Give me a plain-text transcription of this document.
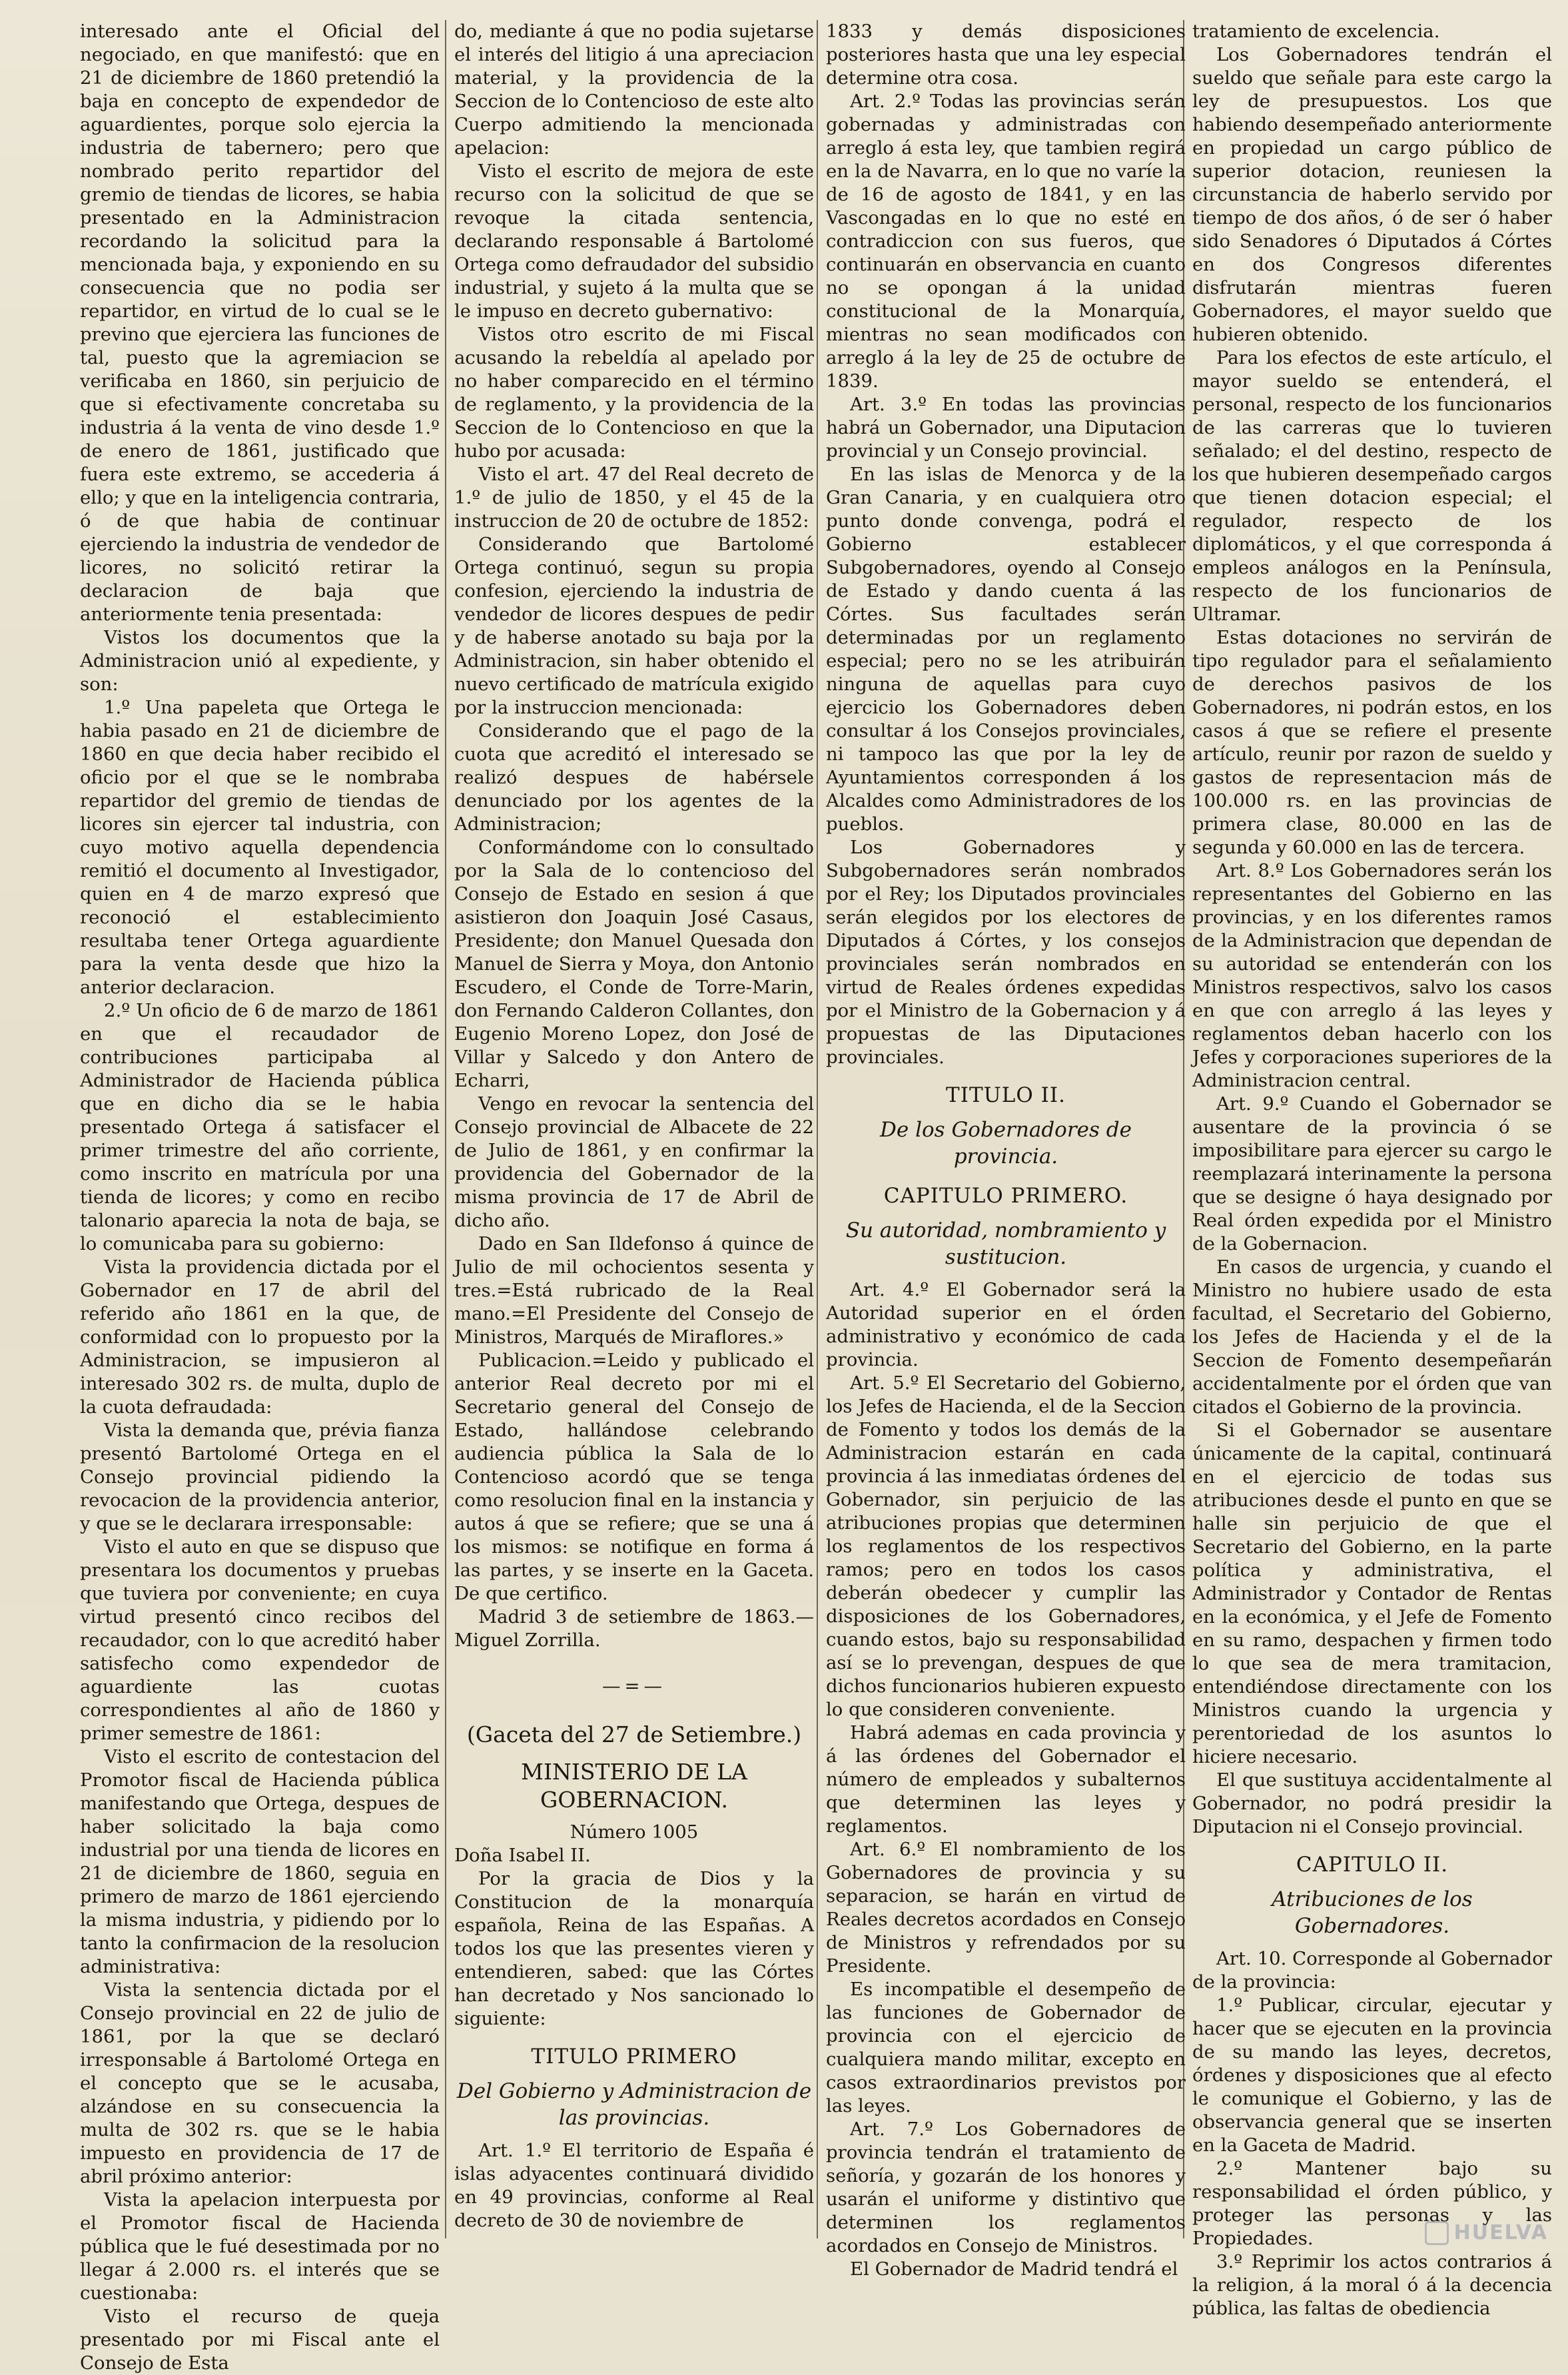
interesado ante el Oficial del negociado, en que manifestó: que en 21 de diciembre de 1860 pretendió la baja en concepto de expendedor de aguardientes, porque solo ejercia la industria de tabernero; pero que nombrado perito repartidor del gremio de tiendas de licores, se habia presentado en la Administracion recordando la solicitud para la mencionada baja, y exponiendo en su consecuencia que no podia ser repartidor, en virtud de lo cual se le previno que ejerciera las funciones de tal, puesto que la agremiacion se verificaba en 1860, sin perjuicio de que si efectivamente concretaba su industria á la venta de vino desde 1.º de enero de 1861, justificado que fuera este extremo, se accederia á ello; y que en la inteligencia contraria, ó de que habia de continuar ejerciendo la industria de vendedor de licores, no solicitó retirar la declaracion de baja que anteriormente tenia presentada:

Vistos los documentos que la Administracion unió al expediente, y son:

1.º Una papeleta que Ortega le habia pasado en 21 de diciembre de 1860 en que decia haber recibido el oficio por el que se le nombraba repartidor del gremio de tiendas de licores sin ejercer tal industria, con cuyo motivo aquella dependencia remitió el documento al Investigador, quien en 4 de marzo expresó que reconoció el establecimiento resultaba tener Ortega aguardiente para la venta desde que hizo la anterior declaracion.

2.º Un oficio de 6 de marzo de 1861 en que el recaudador de contribuciones participaba al Administrador de Hacienda pública que en dicho dia se le habia presentado Ortega á satisfacer el primer trimestre del año corriente, como inscrito en matrícula por una tienda de licores; y como en recibo talonario aparecia la nota de baja, se lo comunicaba para su gobierno:

Vista la providencia dictada por el Gobernador en 17 de abril del referido año 1861 en la que, de conformidad con lo propuesto por la Administracion, se impusieron al interesado 302 rs. de multa, duplo de la cuota defraudada:

Vista la demanda que, prévia fianza presentó Bartolomé Ortega en el Consejo provincial pidiendo la revocacion de la providencia anterior, y que se le declarara irresponsable:

Visto el auto en que se dispuso que presentara los documentos y pruebas que tuviera por conveniente; en cuya virtud presentó cinco recibos del recaudador, con lo que acreditó haber satisfecho como expendedor de aguardiente las cuotas correspondientes al año de 1860 y primer semestre de 1861:

Visto el escrito de contestacion del Promotor fiscal de Hacienda pública manifestando que Ortega, despues de haber solicitado la baja como industrial por una tienda de licores en 21 de diciembre de 1860, seguia en primero de marzo de 1861 ejerciendo la misma industria, y pidiendo por lo tanto la confirmacion de la resolucion administrativa:

Vista la sentencia dictada por el Consejo provincial en 22 de julio de 1861, por la que se declaró irresponsable á Bartolomé Ortega en el concepto que se le acusaba, alzándose en su consecuencia la multa de 302 rs. que se le habia impuesto en providencia de 17 de abril próximo anterior:

Vista la apelacion interpuesta por el Promotor fiscal de Hacienda pública que le fué desestimada por no llegar á 2.000 rs. el interés que se cuestionaba:

Visto el recurso de queja presentado por mi Fiscal ante el Consejo de Esta

do, mediante á que no podia sujetarse el interés del litigio á una apreciacion material, y la providencia de la Seccion de lo Contencioso de este alto Cuerpo admitiendo la mencionada apelacion:

Visto el escrito de mejora de este recurso con la solicitud de que se revoque la citada sentencia, declarando responsable á Bartolomé Ortega como defraudador del subsidio industrial, y sujeto á la multa que se le impuso en decreto gubernativo:

Vistos otro escrito de mi Fiscal acusando la rebeldía al apelado por no haber comparecido en el término de reglamento, y la providencia de la Seccion de lo Contencioso en que la hubo por acusada:

Visto el art. 47 del Real decreto de 1.º de julio de 1850, y el 45 de la instruccion de 20 de octubre de 1852:

Considerando que Bartolomé Ortega continuó, segun su propia confesion, ejerciendo la industria de vendedor de licores despues de pedir y de haberse anotado su baja por la Administracion, sin haber obtenido el nuevo certificado de matrícula exigido por la instruccion mencionada:

Considerando que el pago de la cuota que acreditó el interesado se realizó despues de habérsele denunciado por los agentes de la Administracion;

Conformándome con lo consultado por la Sala de lo contencioso del Consejo de Estado en sesion á que asistieron don Joaquin José Casaus, Presidente; don Manuel Quesada don Manuel de Sierra y Moya, don Antonio Escudero, el Conde de Torre-Marin, don Fernando Calderon Collantes, don Eugenio Moreno Lopez, don José de Villar y Salcedo y don Antero de Echarri,

Vengo en revocar la sentencia del Consejo provincial de Albacete de 22 de Julio de 1861, y en confirmar la providencia del Gobernador de la misma provincia de 17 de Abril de dicho año.

Dado en San Ildefonso á quince de Julio de mil ochocientos sesenta y tres.=Está rubricado de la Real mano.=El Presidente del Consejo de Ministros, Marqués de Miraflores.»

Publicacion.=Leido y publicado el anterior Real decreto por mi el Secretario general del Consejo de Estado, hallándose celebrando audiencia pública la Sala de lo Contencioso acordó que se tenga como resolucion final en la instancia y autos á que se refiere; que se una á los mismos: se notifique en forma á las partes, y se inserte en la Gaceta. De que certifico.

Madrid 3 de setiembre de 1863.—Miguel Zorrilla.

—=—
(Gaceta del 27 de Setiembre.)
MINISTERIO DE LA GOBERNACION.

Número 1005

Doña Isabel II.

Por la gracia de Dios y la Constitucion de la monarquía española, Reina de las Españas. A todos los que las presentes vieren y entendieren, sabed: que las Córtes han decretado y Nos sancionado lo siguiente:

TITULO PRIMERO
Del Gobierno y Administracion de las provincias.

Art. 1.º El territorio de España é islas adyacentes continuará dividido en 49 provincias, conforme al Real decreto de 30 de noviembre de

1833 y demás disposiciones posteriores hasta que una ley especial determine otra cosa.

Art. 2.º Todas las provincias serán gobernadas y administradas con arreglo á esta ley, que tambien regirá en la de Navarra, en lo que no varíe la de 16 de agosto de 1841, y en las Vascongadas en lo que no esté en contradiccion con sus fueros, que continuarán en observancia en cuanto no se opongan á la unidad constitucional de la Monarquía, mientras no sean modificados con arreglo á la ley de 25 de octubre de 1839.

Art. 3.º En todas las provincias habrá un Gobernador, una Diputacion provincial y un Consejo provincial.

En las islas de Menorca y de la Gran Canaria, y en cualquiera otro punto donde convenga, podrá el Gobierno establecer Subgobernadores, oyendo al Consejo de Estado y dando cuenta á las Córtes. Sus facultades serán determinadas por un reglamento especial; pero no se les atribuirán ninguna de aquellas para cuyo ejercicio los Gobernadores deben consultar á los Consejos provinciales, ni tampoco las que por la ley de Ayuntamientos corresponden á los Alcaldes como Administradores de los pueblos.

Los Gobernadores y Subgobernadores serán nombrados por el Rey; los Diputados provinciales serán elegidos por los electores de Diputados á Córtes, y los consejos provinciales serán nombrados en virtud de Reales órdenes expedidas por el Ministro de la Gobernacion y á propuestas de las Diputaciones provinciales.

TITULO II.
De los Gobernadores de provincia.
CAPITULO PRIMERO.
Su autoridad, nombramiento y sustitucion.

Art. 4.º El Gobernador será la Autoridad superior en el órden administrativo y económico de cada provincia.

Art. 5.º El Secretario del Gobierno, los Jefes de Hacienda, el de la Seccion de Fomento y todos los demás de la Administracion estarán en cada provincia á las inmediatas órdenes del Gobernador, sin perjuicio de las atribuciones propias que determinen los reglamentos de los respectivos ramos; pero en todos los casos deberán obedecer y cumplir las disposiciones de los Gobernadores, cuando estos, bajo su responsabilidad así se lo prevengan, despues de que dichos funcionarios hubieren expuesto lo que consideren conveniente.

Habrá ademas en cada provincia y á las órdenes del Gobernador el número de empleados y subalternos que determinen las leyes y reglamentos.

Art. 6.º El nombramiento de los Gobernadores de provincia y su separacion, se harán en virtud de Reales decretos acordados en Consejo de Ministros y refrendados por su Presidente.

Es incompatible el desempeño de las funciones de Gobernador de provincia con el ejercicio de cualquiera mando militar, excepto en casos extraordinarios previstos por las leyes.

Art. 7.º Los Gobernadores de provincia tendrán el tratamiento de señoría, y gozarán de los honores y usarán el uniforme y distintivo que determinen los reglamentos acordados en Consejo de Ministros.

El Gobernador de Madrid tendrá el

tratamiento de excelencia.

Los Gobernadores tendrán el sueldo que señale para este cargo la ley de presupuestos. Los que habiendo desempeñado anteriormente en propiedad un cargo público de superior dotacion, reuniesen la circunstancia de haberlo servido por tiempo de dos años, ó de ser ó haber sido Senadores ó Diputados á Córtes en dos Congresos diferentes disfrutarán mientras fueren Gobernadores, el mayor sueldo que hubieren obtenido.

Para los efectos de este artículo, el mayor sueldo se entenderá, el personal, respecto de los funcionarios de las carreras que lo tuvieren señalado; el del destino, respecto de los que hubieren desempeñado cargos que tienen dotacion especial; el regulador, respecto de los diplomáticos, y el que corresponda á empleos análogos en la Península, respecto de los funcionarios de Ultramar.

Estas dotaciones no servirán de tipo regulador para el señalamiento de derechos pasivos de los Gobernadores, ni podrán estos, en los casos á que se refiere el presente artículo, reunir por razon de sueldo y gastos de representacion más de 100.000 rs. en las provincias de primera clase, 80.000 en las de segunda y 60.000 en las de tercera.

Art. 8.º Los Gobernadores serán los representantes del Gobierno en las provincias, y en los diferentes ramos de la Administracion que dependan de su autoridad se entenderán con los Ministros respectivos, salvo los casos en que con arreglo á las leyes y reglamentos deban hacerlo con los Jefes y corporaciones superiores de la Administracion central.

Art. 9.º Cuando el Gobernador se ausentare de la provincia ó se imposibilitare para ejercer su cargo le reemplazará interinamente la persona que se designe ó haya designado por Real órden expedida por el Ministro de la Gobernacion.

En casos de urgencia, y cuando el Ministro no hubiere usado de esta facultad, el Secretario del Gobierno, los Jefes de Hacienda y el de la Seccion de Fomento desempeñarán accidentalmente por el órden que van citados el Gobierno de la provincia.

Si el Gobernador se ausentare únicamente de la capital, continuará en el ejercicio de todas sus atribuciones desde el punto en que se halle sin perjuicio de que el Secretario del Gobierno, en la parte política y administrativa, el Administrador y Contador de Rentas en la económica, y el Jefe de Fomento en su ramo, despachen y firmen todo lo que sea de mera tramitacion, entendiéndose directamente con los Ministros cuando la urgencia y perentoriedad de los asuntos lo hiciere necesario.

El que sustituya accidentalmente al Gobernador, no podrá presidir la Diputacion ni el Consejo provincial.

CAPITULO II.
Atribuciones de los Gobernadores.

Art. 10. Corresponde al Gobernador de la provincia:

1.º Publicar, circular, ejecutar y hacer que se ejecuten en la provincia de su mando las leyes, decretos, órdenes y disposiciones que al efecto le comunique el Gobierno, y las de observancia general que se inserten en la Gaceta de Madrid.

2.º Mantener bajo su responsabilidad el órden público, y proteger las personas y las Propiedades.

3.º Reprimir los actos contrarios á la religion, á la moral ó á la decencia pública, las faltas de obediencia

HUELVA
